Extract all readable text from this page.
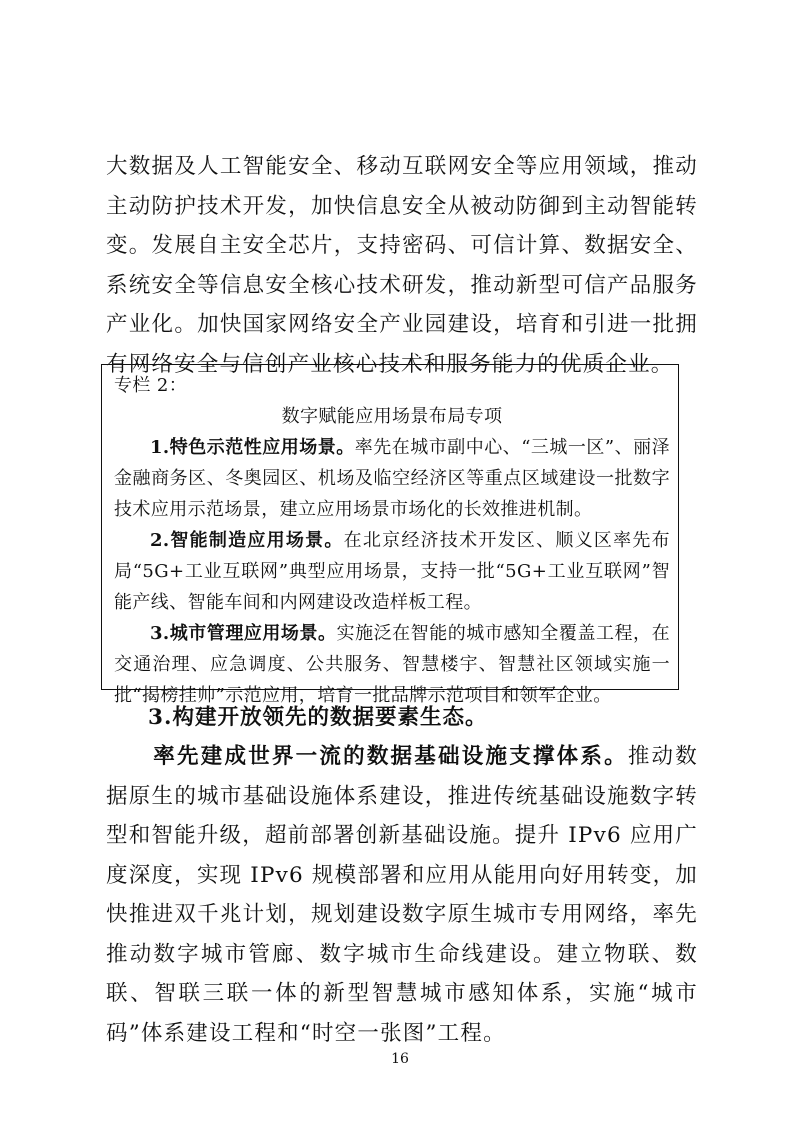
大数据及人工智能安全、移动互联网安全等应用领域，推动主动防护技术开发，加快信息安全从被动防御到主动智能转变。发展自主安全芯片，支持密码、可信计算、数据安全、系统安全等信息安全核心技术研发，推动新型可信产品服务产业化。加快国家网络安全产业园建设，培育和引进一批拥有网络安全与信创产业核心技术和服务能力的优质企业。

专栏 2：

数字赋能应用场景布局专项

1.特色示范性应用场景。率先在城市副中心、“三城一区”、丽泽金融商务区、冬奥园区、机场及临空经济区等重点区域建设一批数字技术应用示范场景，建立应用场景市场化的长效推进机制。

2.智能制造应用场景。在北京经济技术开发区、顺义区率先布局“5G+工业互联网”典型应用场景，支持一批“5G+工业互联网”智能产线、智能车间和内网建设改造样板工程。

3.城市管理应用场景。实施泛在智能的城市感知全覆盖工程，在交通治理、应急调度、公共服务、智慧楼宇、智慧社区领域实施一批“揭榜挂帅”示范应用，培育一批品牌示范项目和领军企业。

3.构建开放领先的数据要素生态。

率先建成世界一流的数据基础设施支撑体系。推动数据原生的城市基础设施体系建设，推进传统基础设施数字转型和智能升级，超前部署创新基础设施。提升 IPv6 应用广度深度，实现 IPv6 规模部署和应用从能用向好用转变，加快推进双千兆计划，规划建设数字原生城市专用网络，率先推动数字城市管廊、数字城市生命线建设。建立物联、数联、智联三联一体的新型智慧城市感知体系，实施“城市码”体系建设工程和“时空一张图”工程。

16
